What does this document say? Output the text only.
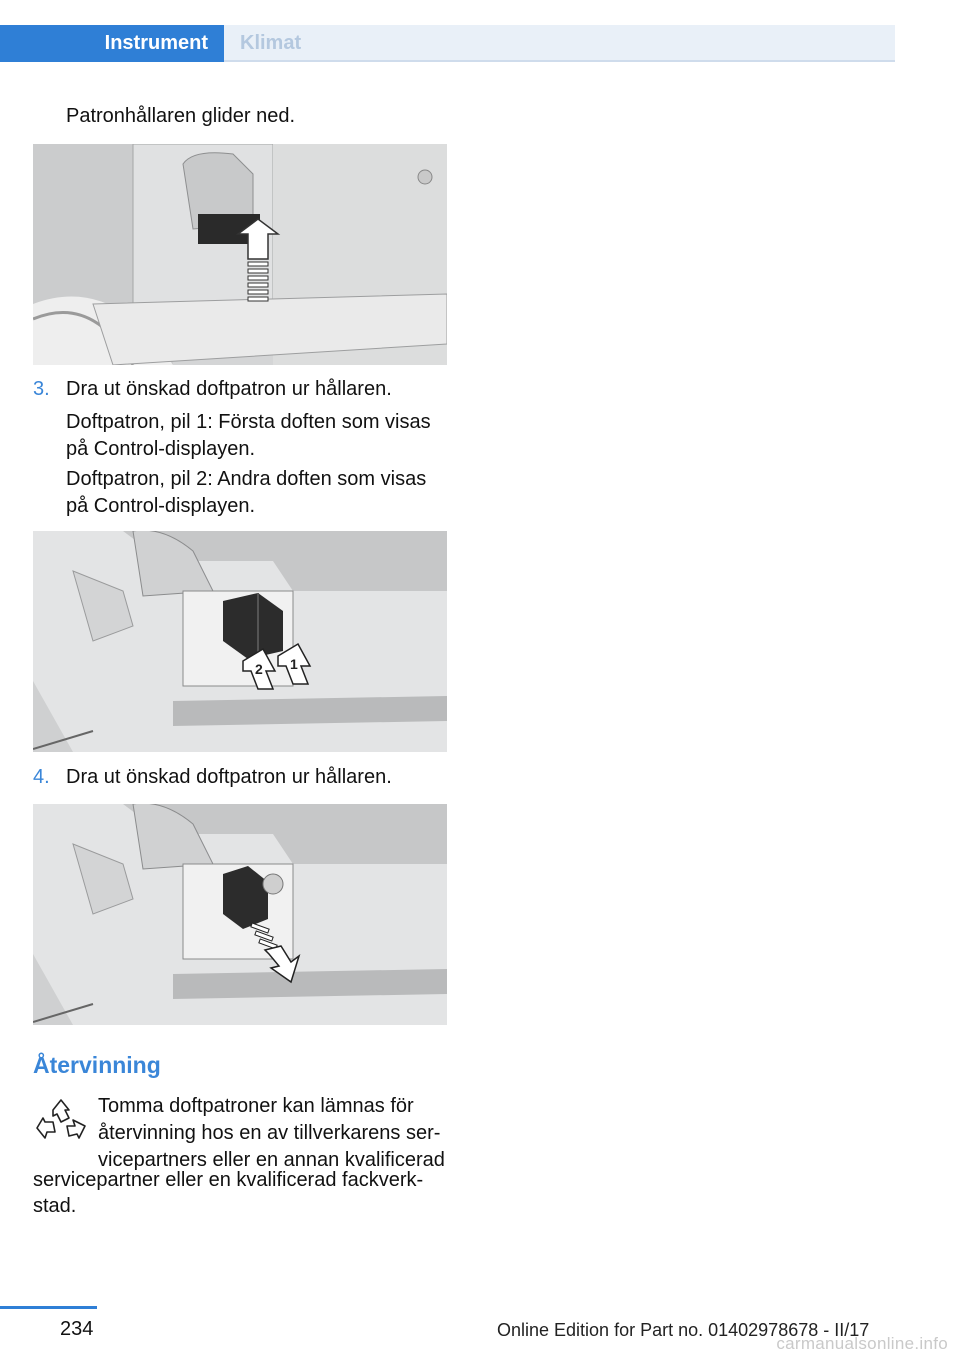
Instrument	Klimat
Patronhållaren glider ned.
3. Dra ut önskad doftpatron ur hållaren.
Doftpatron, pil 1: Första doften som visas
på Control-displayen.
Doftpatron, pil 2: Andra doften som visas
på Control-displayen.
2 1
4. Dra ut önskad doftpatron ur hållaren.
Återvinning
Tomma doftpatroner kan lämnas för
återvinning hos en av tillverkarens ser‐
vicepartners eller en annan kvalificerad
servicepartner eller en kvalificerad fackverk‐
stad.
234	Online Edition for Part no. 01402978678 - II/17
carmanualsonline.info
